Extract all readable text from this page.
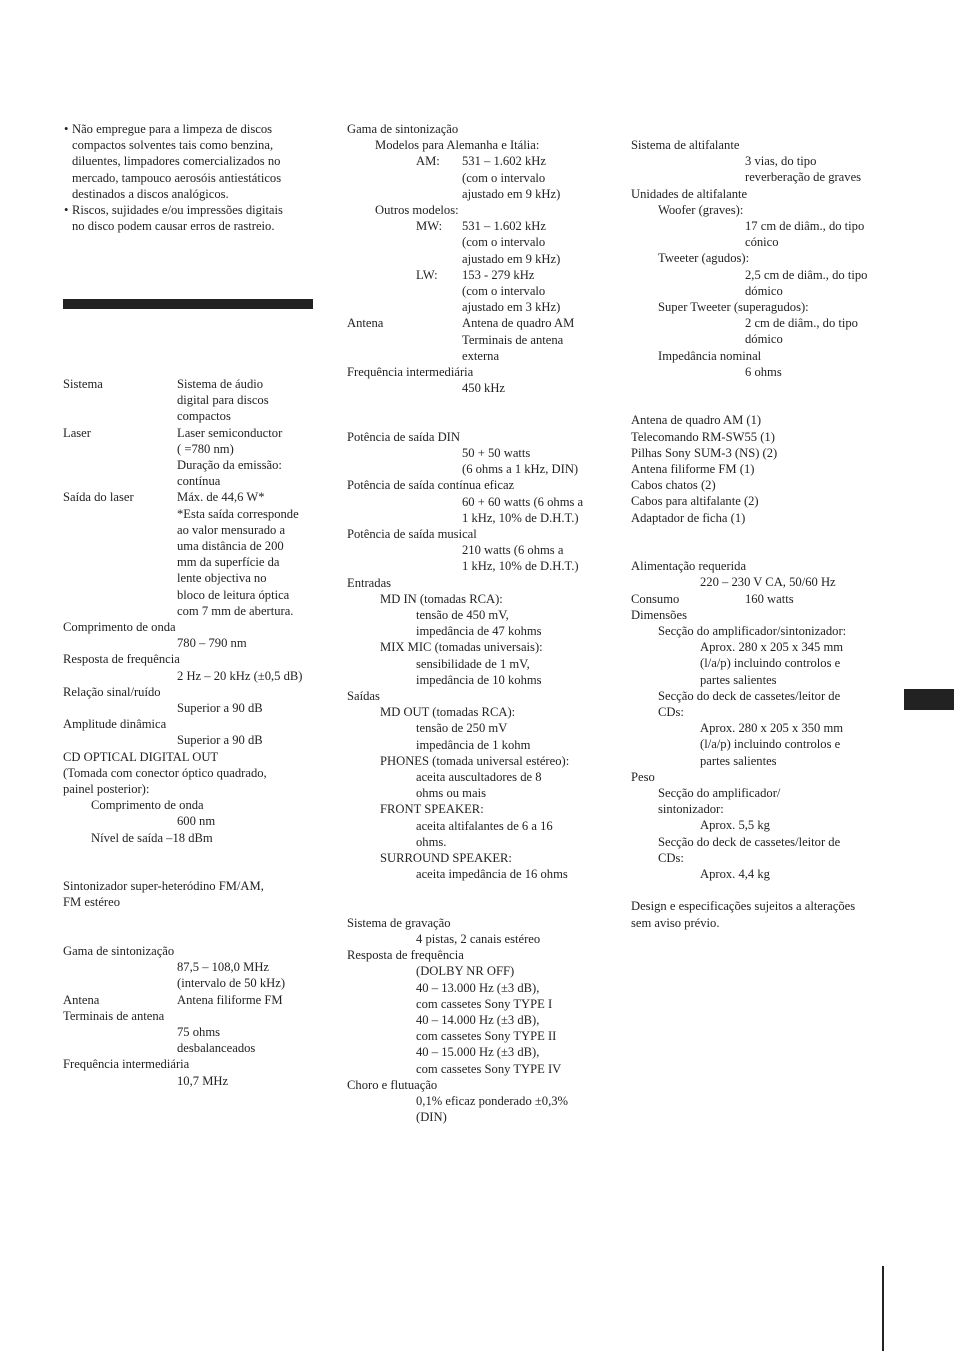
• Não empregue para a limpeza de discos
compactos solventes tais como benzina,
diluentes, limpadores comercializados no
mercado, tampouco aerosóis antiestáticos
destinados a discos analógicos.
• Riscos, sujidades e/ou impressões digitais
no disco podem causar erros de rastreio.
Sistema	Sistema de áudio
digital para discos
compactos
Laser	Laser semiconductor
( =780 nm)
Duração da emissão:
contínua
Saída do laser	Máx. de 44,6 W*
*Esta saída corresponde
ao valor mensurado a
uma distância de 200
mm da superfície da
lente objectiva no
bloco de leitura óptica
com 7 mm de abertura.
Comprimento de onda
780 – 790 nm
Resposta de frequência
2 Hz – 20 kHz (±0,5 dB)
Relação sinal/ruído
Superior a 90 dB
Amplitude dinâmica
Superior a 90 dB
CD OPTICAL DIGITAL OUT
(Tomada com conector óptico quadrado,
painel posterior):
Comprimento de onda
600 nm
Nível de saída –18 dBm
Sintonizador super-heteródino FM/AM,
FM estéreo
Gama de sintonização
87,5 – 108,0 MHz
(intervalo de 50 kHz)
Antena	Antena filiforme FM
Terminais de antena
75 ohms
desbalanceados
Frequência intermediária
10,7 MHz
Gama de sintonização
Modelos para Alemanha e Itália:
AM: 531 – 1.602 kHz
(com o intervalo
ajustado em 9 kHz)
Outros modelos:
MW: 531 – 1.602 kHz
(com o intervalo
ajustado em 9 kHz)
LW: 153 - 279 kHz
(com o intervalo
ajustado em 3 kHz)
Antena	Antena de quadro AM
Terminais de antena
externa
Frequência intermediária
450 kHz
Potência de saída DIN
50 + 50 watts
(6 ohms a 1 kHz, DIN)
Potência de saída contínua eficaz
60 + 60 watts (6 ohms a
1 kHz, 10% de D.H.T.)
Potência de saída musical
210 watts (6 ohms a
1 kHz, 10% de D.H.T.)
Entradas
MD IN (tomadas RCA):
tensão de 450 mV,
impedância de 47 kohms
MIX MIC (tomadas universais):
sensibilidade de 1 mV,
impedância de 10 kohms
Saídas
MD OUT (tomadas RCA):
tensão de 250 mV
impedância de 1 kohm
PHONES (tomada universal estéreo):
aceita auscultadores de 8
ohms ou mais
FRONT SPEAKER:
aceita altifalantes de 6 a 16
ohms.
SURROUND SPEAKER:
aceita impedância de 16 ohms
Sistema de gravação
4 pistas, 2 canais estéreo
Resposta de frequência
(DOLBY NR OFF)
40 – 13.000 Hz (±3 dB),
com cassetes Sony TYPE I
40 – 14.000 Hz (±3 dB),
com cassetes Sony TYPE II
40 – 15.000 Hz (±3 dB),
com cassetes Sony TYPE IV
Choro e flutuação
0,1% eficaz ponderado ±0,3%
(DIN)
Sistema de altifalante
3 vias, do tipo
reverberação de graves
Unidades de altifalante
Woofer (graves):
17 cm de diâm., do tipo
cónico
Tweeter (agudos):
2,5 cm de diâm., do tipo
dómico
Super Tweeter (superagudos):
2 cm de diâm., do tipo
dómico
Impedância nominal
6 ohms
Antena de quadro AM (1)
Telecomando RM-SW55 (1)
Pilhas Sony SUM-3 (NS) (2)
Antena filiforme FM (1)
Cabos chatos (2)
Cabos para altifalante (2)
Adaptador de ficha (1)
Alimentação requerida
220 – 230 V CA, 50/60 Hz
Consumo	160 watts
Dimensões
Secção do amplificador/sintonizador:
Aprox. 280 x 205 x 345 mm
(l/a/p) incluindo controlos e
partes salientes
Secção do deck de cassetes/leitor de
CDs:
Aprox. 280 x 205 x 350 mm
(l/a/p) incluindo controlos e
partes salientes
Peso
Secção do amplificador/
sintonizador:
Aprox. 5,5 kg
Secção do deck de cassetes/leitor de
CDs:
Aprox. 4,4 kg
Design e especificações sujeitos a alterações
sem aviso prévio.
